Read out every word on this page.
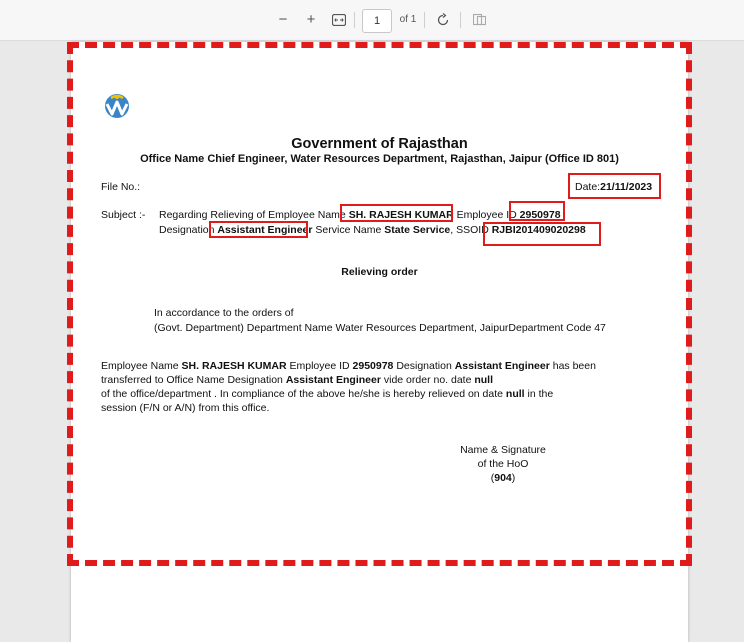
−	+	1	of 1
Government of Rajasthan
Office Name Chief Engineer, Water Resources Department, Rajasthan, Jaipur (Office ID 801)
File No.:	Date:21/11/2023
Subject :- Regarding Relieving of Employee Name SH. RAJESH KUMAR Employee ID 2950978
Designation Assistant Engineer Service Name State Service, SSOID RJBI201409020298
Relieving order
In accordance to the orders of
(Govt. Department) Department Name Water Resources Department, JaipurDepartment Code 47
Employee Name SH. RAJESH KUMAR Employee ID 2950978 Designation Assistant Engineer has been
transferred to Office Name Designation Assistant Engineer vide order no. date null
of the office/department . In compliance of the above he/she is hereby relieved on date null in the
session (F/N or A/N) from this office.
Name & Signature
of the HoO
(904)
